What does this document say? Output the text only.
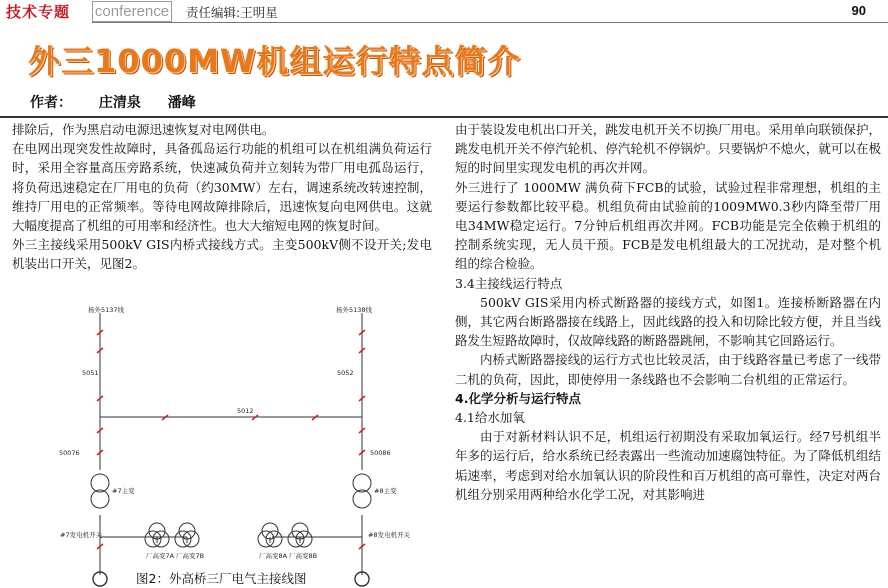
技术专题 conference 责任编辑:王明星	90
外三1000MW机组运行特点简介
作者： 庄清泉 潘峰

排除后，作为黑启动电源迅速恢复对电网供电。

在电网出现突发性故障时，具备孤岛运行功能的机组可以在机组满负荷运行时，采用全容量高压旁路系统，快速减负荷并立刻转为带厂用电孤岛运行，将负荷迅速稳定在厂用电的负荷（约30MW）左右，调速系统改转速控制，维持厂用电的正常频率。等待电网故障排除后，迅速恢复向电网供电。这就大幅度提高了机组的可用率和经济性。也大大缩短电网的恢复时间。

外三主接线采用500kV GIS内桥式接线方式。主变500kV侧不设开关;发电机装出口开关，见图2。

杨外5137线	杨外5138线
5051	5052
5012
50076	50086
#7主变	#8主变
#7发电机开关	#8发电机开关
厂高变7A 厂高变7B	厂高变8A 厂高变8B
图2：外高桥三厂电气主接线图

由于装设发电机出口开关，跳发电机开关不切换厂用电。采用单向联锁保护，跳发电机开关不停汽轮机、停汽轮机不停锅炉。只要锅炉不熄火，就可以在极短的时间里实现发电机的再次并网。

外三进行了 1000MW 满负荷下FCB的试验，试验过程非常理想，机组的主要运行参数都比较平稳。机组负荷由试验前的1009MW0.3秒内降至带厂用电34MW稳定运行。7分钟后机组再次并网。FCB功能是完全依赖于机组的控制系统实现，无人员干预。FCB是发电机组最大的工况扰动，是对整个机组的综合检验。

3.4主接线运行特点

500kV GIS采用内桥式断路器的接线方式，如图1。连接桥断路器在内侧，其它两台断路器接在线路上，因此线路的投入和切除比较方便，并且当线路发生短路故障时，仅故障线路的断路器跳闸，不影响其它回路运行。

内桥式断路器接线的运行方式也比较灵活，由于线路容量已考虑了一线带二机的负荷，因此，即使停用一条线路也不会影响二台机组的正常运行。

4.化学分析与运行特点

4.1给水加氧

由于对新材料认识不足，机组运行初期没有采取加氧运行。经7号机组半年多的运行后，给水系统已经表露出一些流动加速腐蚀特征。为了降低机组结垢速率，考虑到对给水加氧认识的阶段性和百万机组的高可靠性，决定对两台机组分别采用两种给水化学工况，对其影响进
